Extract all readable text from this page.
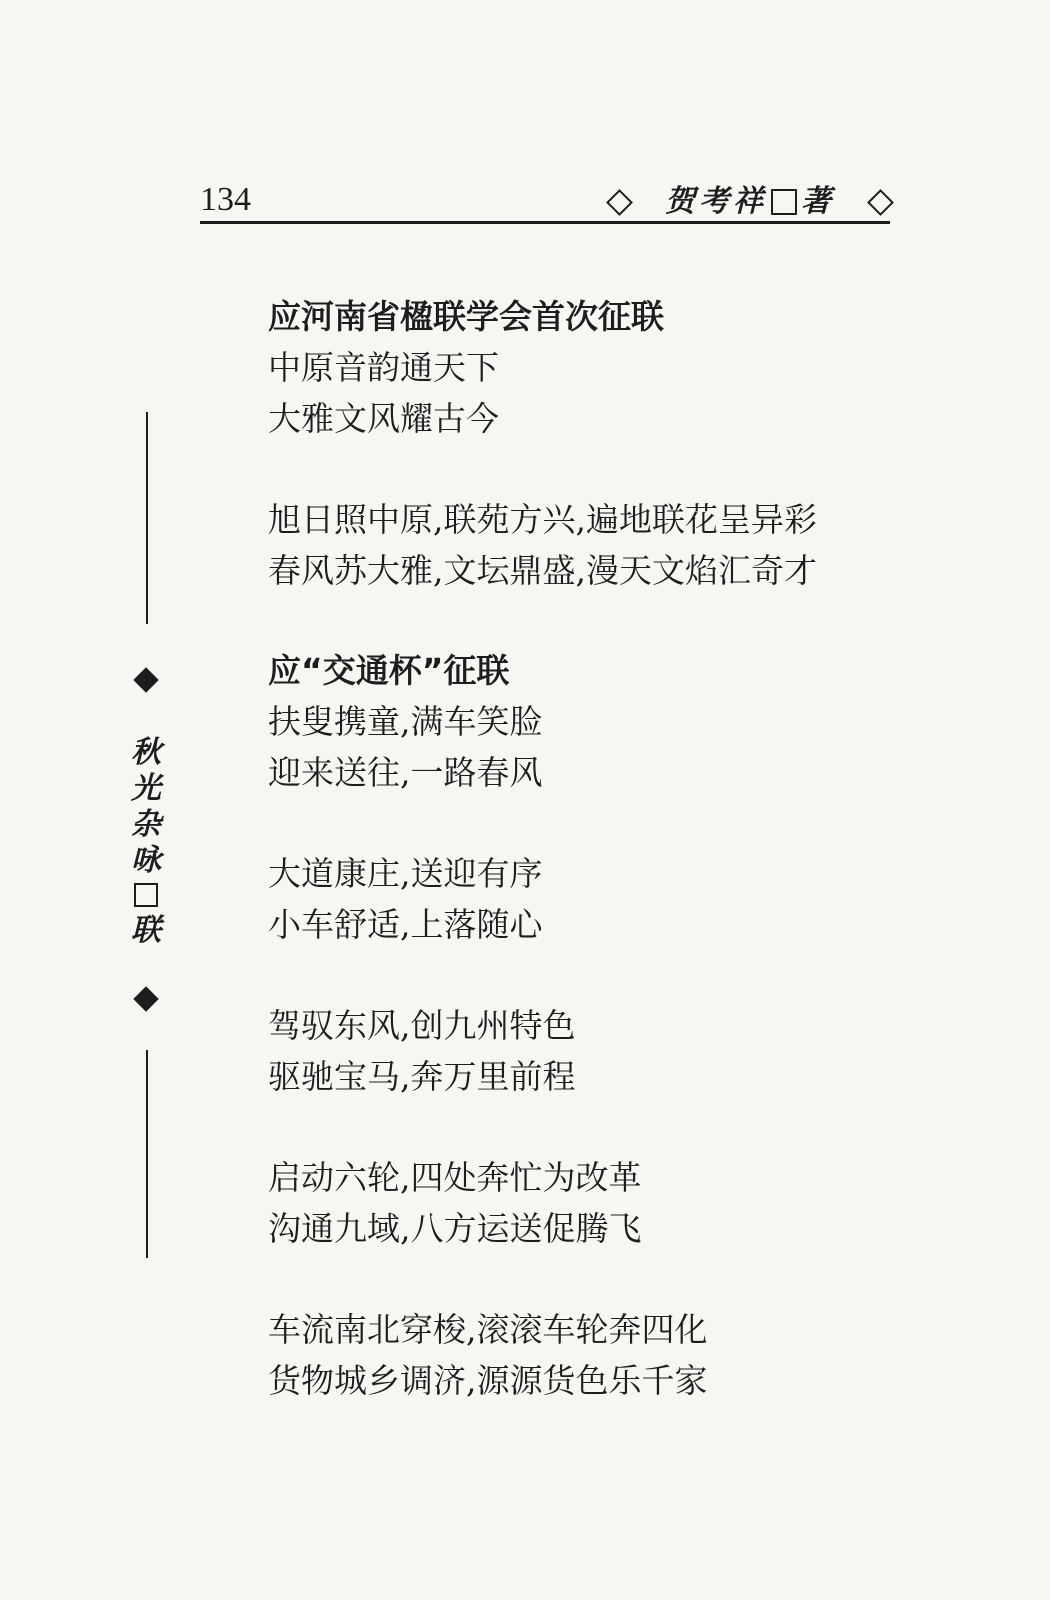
134	贺考祥 著
秋
光
杂
咏
联

应河南省楹联学会首次征联

中原音韵通天下

大雅文风耀古今

旭日照中原,联苑方兴,遍地联花呈异彩

春风苏大雅,文坛鼎盛,漫天文焰汇奇才

应“交通杯”征联

扶叟携童,满车笑脸

迎来送往,一路春风

大道康庄,送迎有序

小车舒适,上落随心

驾驭东风,创九州特色

驱驰宝马,奔万里前程

启动六轮,四处奔忙为改革

沟通九域,八方运送促腾飞

车流南北穿梭,滚滚车轮奔四化

货物城乡调济,源源货色乐千家
